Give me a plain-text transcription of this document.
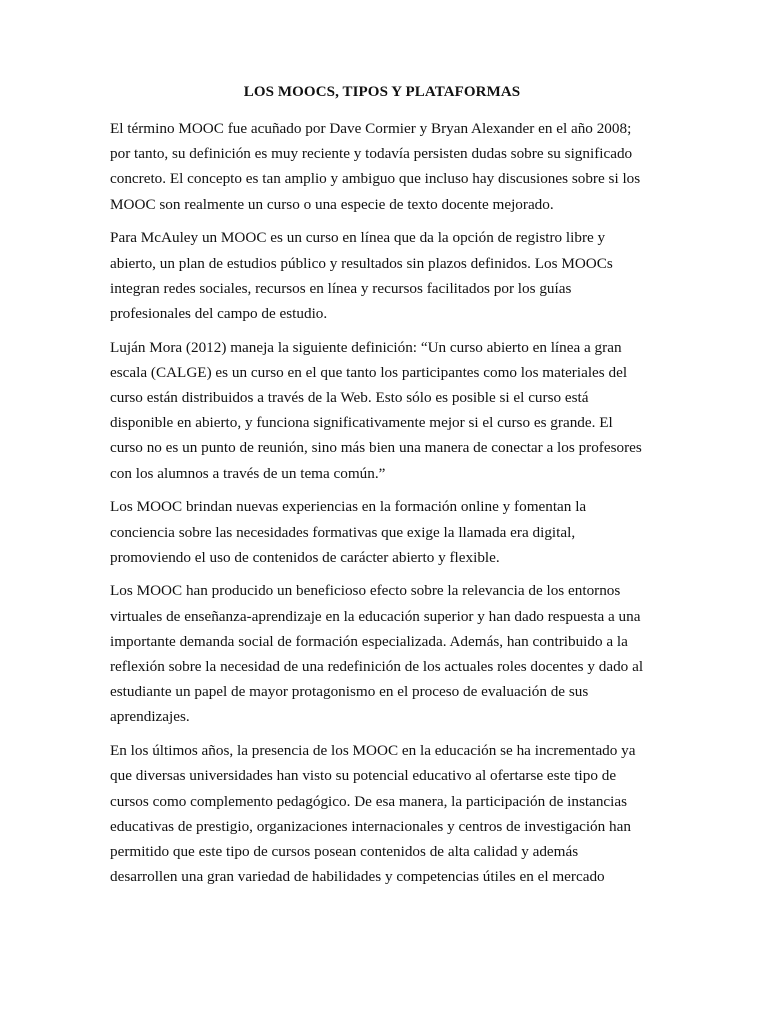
LOS MOOCS, TIPOS Y PLATAFORMAS

El término MOOC fue acuñado por Dave Cormier y Bryan Alexander en el año 2008;
por tanto, su definición es muy reciente y todavía persisten dudas sobre su significado
concreto. El concepto es tan amplio y ambiguo que incluso hay discusiones sobre si los
MOOC son realmente un curso o una especie de texto docente mejorado.

Para McAuley un MOOC es un curso en línea que da la opción de registro libre y
abierto, un plan de estudios público y resultados sin plazos definidos. Los MOOCs
integran redes sociales, recursos en línea y recursos facilitados por los guías
profesionales del campo de estudio.

Luján Mora (2012) maneja la siguiente definición: “Un curso abierto en línea a gran
escala (CALGE) es un curso en el que tanto los participantes como los materiales del
curso están distribuidos a través de la Web. Esto sólo es posible si el curso está
disponible en abierto, y funciona significativamente mejor si el curso es grande. El
curso no es un punto de reunión, sino más bien una manera de conectar a los profesores
con los alumnos a través de un tema común.”

Los MOOC brindan nuevas experiencias en la formación online y fomentan la
conciencia sobre las necesidades formativas que exige la llamada era digital,
promoviendo el uso de contenidos de carácter abierto y flexible.

Los MOOC han producido un beneficioso efecto sobre la relevancia de los entornos
virtuales de enseñanza-aprendizaje en la educación superior y han dado respuesta a una
importante demanda social de formación especializada. Además, han contribuido a la
reflexión sobre la necesidad de una redefinición de los actuales roles docentes y dado al
estudiante un papel de mayor protagonismo en el proceso de evaluación de sus
aprendizajes.

En los últimos años, la presencia de los MOOC en la educación se ha incrementado ya
que diversas universidades han visto su potencial educativo al ofertarse este tipo de
cursos como complemento pedagógico. De esa manera, la participación de instancias
educativas de prestigio, organizaciones internacionales y centros de investigación han
permitido que este tipo de cursos posean contenidos de alta calidad y además
desarrollen una gran variedad de habilidades y competencias útiles en el mercado
